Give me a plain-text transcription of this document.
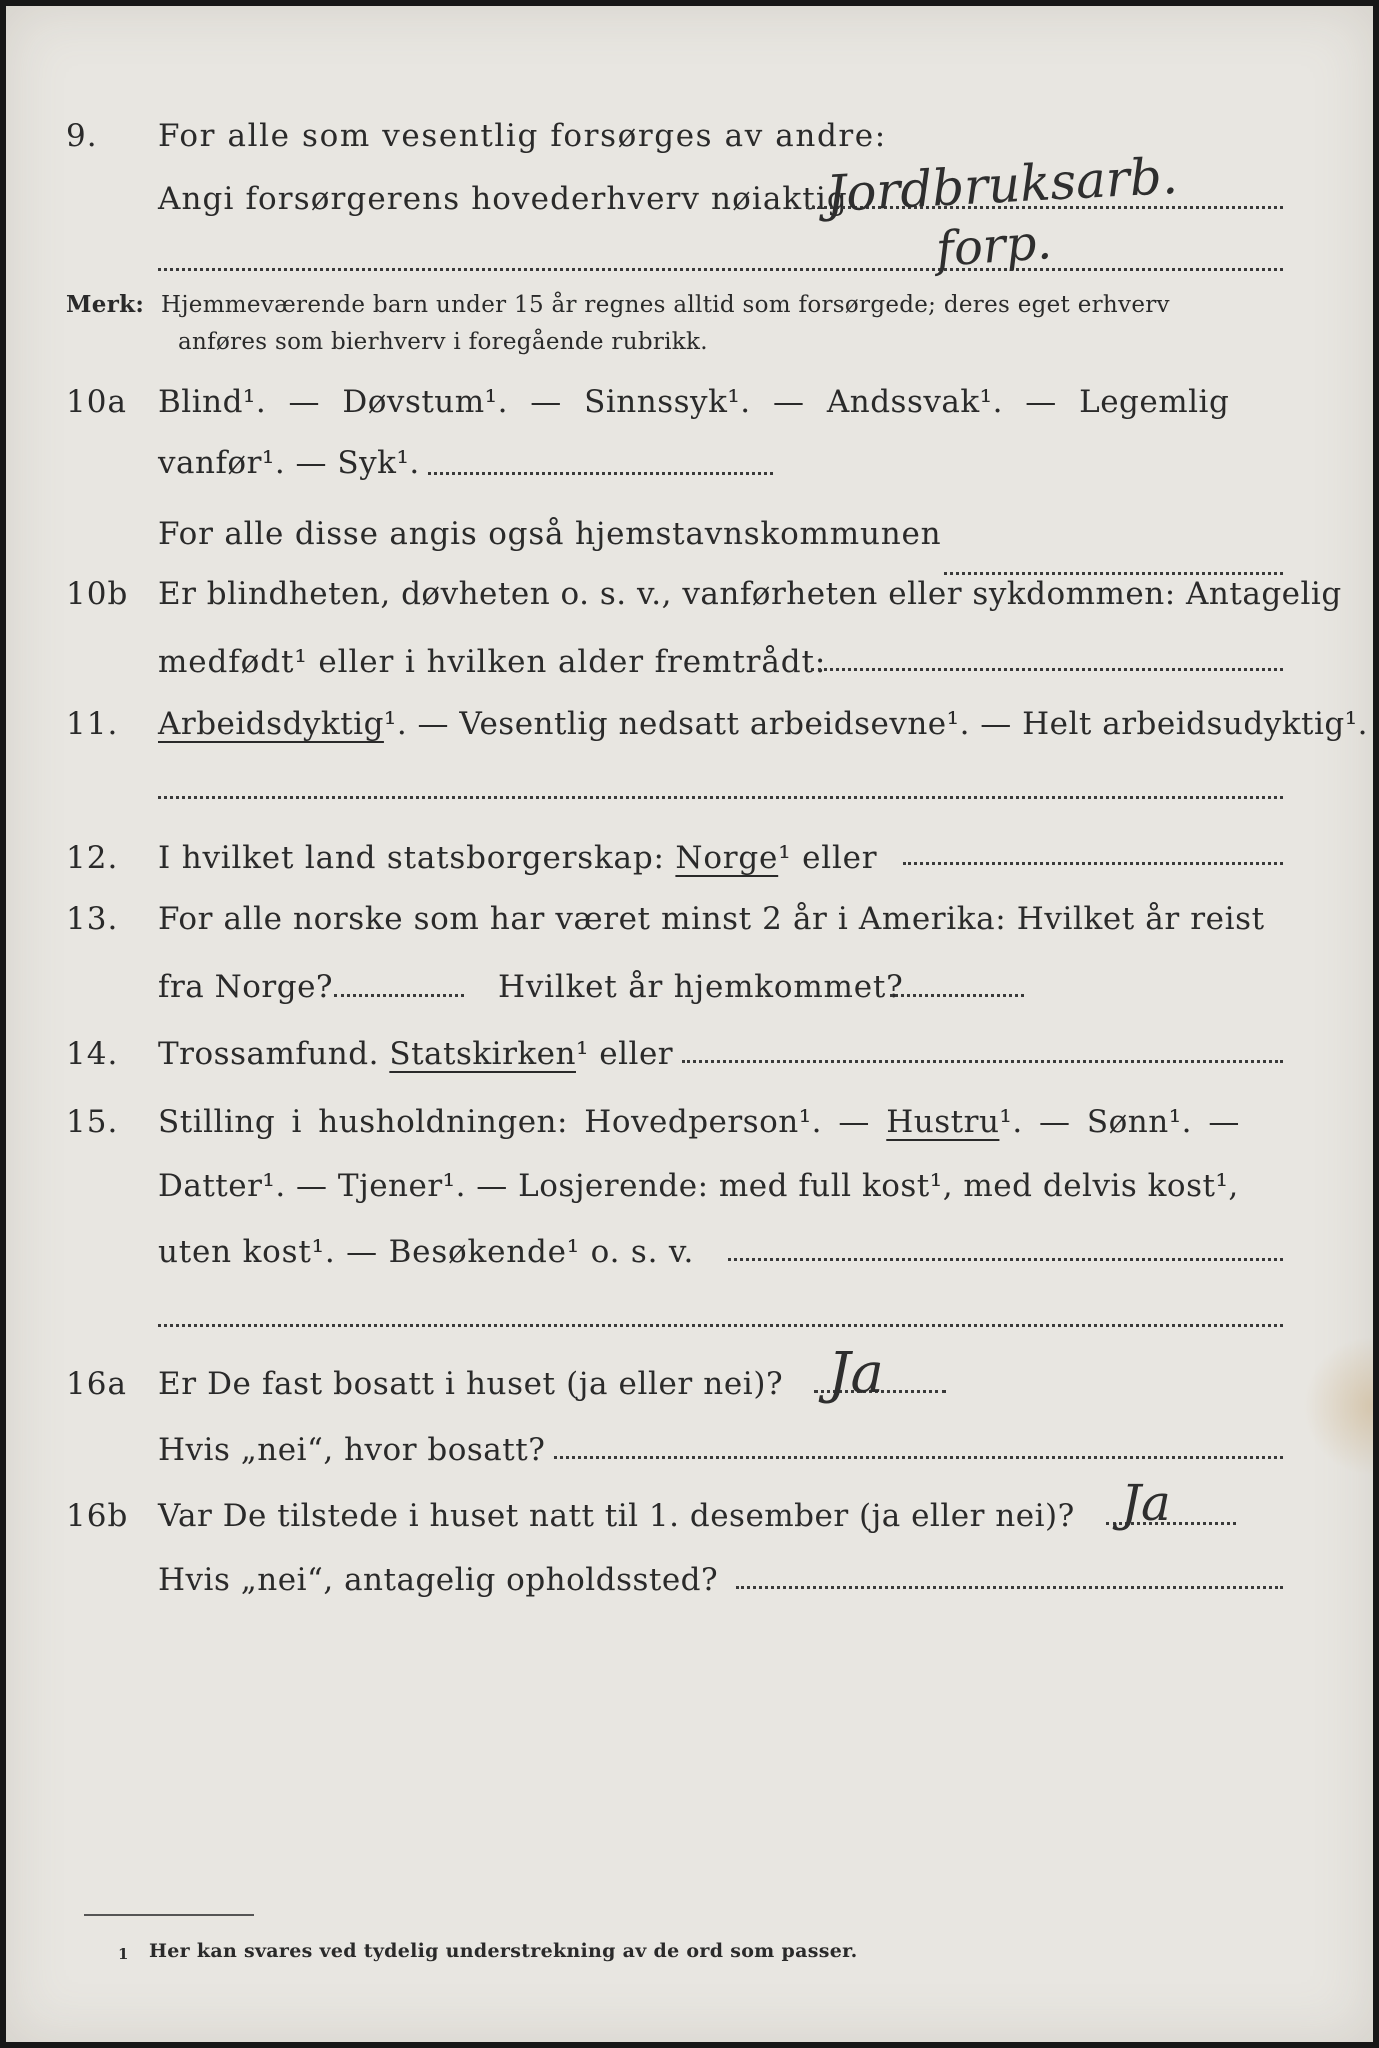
9. For alle som vesentlig forsørges av andre:
Angi forsørgerens hovederhverv nøiaktig
Jordbruksarb.
forp.
Merk: Hjemmeværende barn under 15 år regnes alltid som forsørgede; deres eget erhverv
anføres som bierhverv i foregående rubrikk.
10a Blind¹. — Døvstum¹. — Sinnssyk¹. — Andssvak¹. — Legemlig
vanfør¹. — Syk¹.
For alle disse angis også hjemstavnskommunen
10b Er blindheten, døvheten o. s. v., vanførheten eller sykdommen: Antagelig
medfødt¹ eller i hvilken alder fremtrådt:
11. Arbeidsdyktig¹. — Vesentlig nedsatt arbeidsevne¹. — Helt arbeidsudyktig¹.
12. I hvilket land statsborgerskap: Norge¹ eller
13. For alle norske som har været minst 2 år i Amerika: Hvilket år reist
fra Norge?	Hvilket år hjemkommet?
14. Trossamfund. Statskirken¹ eller
15. Stilling i husholdningen: Hovedperson¹. — Hustru¹. — Sønn¹. —
Datter¹. — Tjener¹. — Losjerende: med full kost¹, med delvis kost¹,
uten kost¹. — Besøkende¹ o. s. v.
16a Er De fast bosatt i huset (ja eller nei)? Ja
Hvis „nei“, hvor bosatt?
16b Var De tilstede i huset natt til 1. desember (ja eller nei)? Ja
Hvis „nei“, antagelig opholdssted?
1 Her kan svares ved tydelig understrekning av de ord som passer.
